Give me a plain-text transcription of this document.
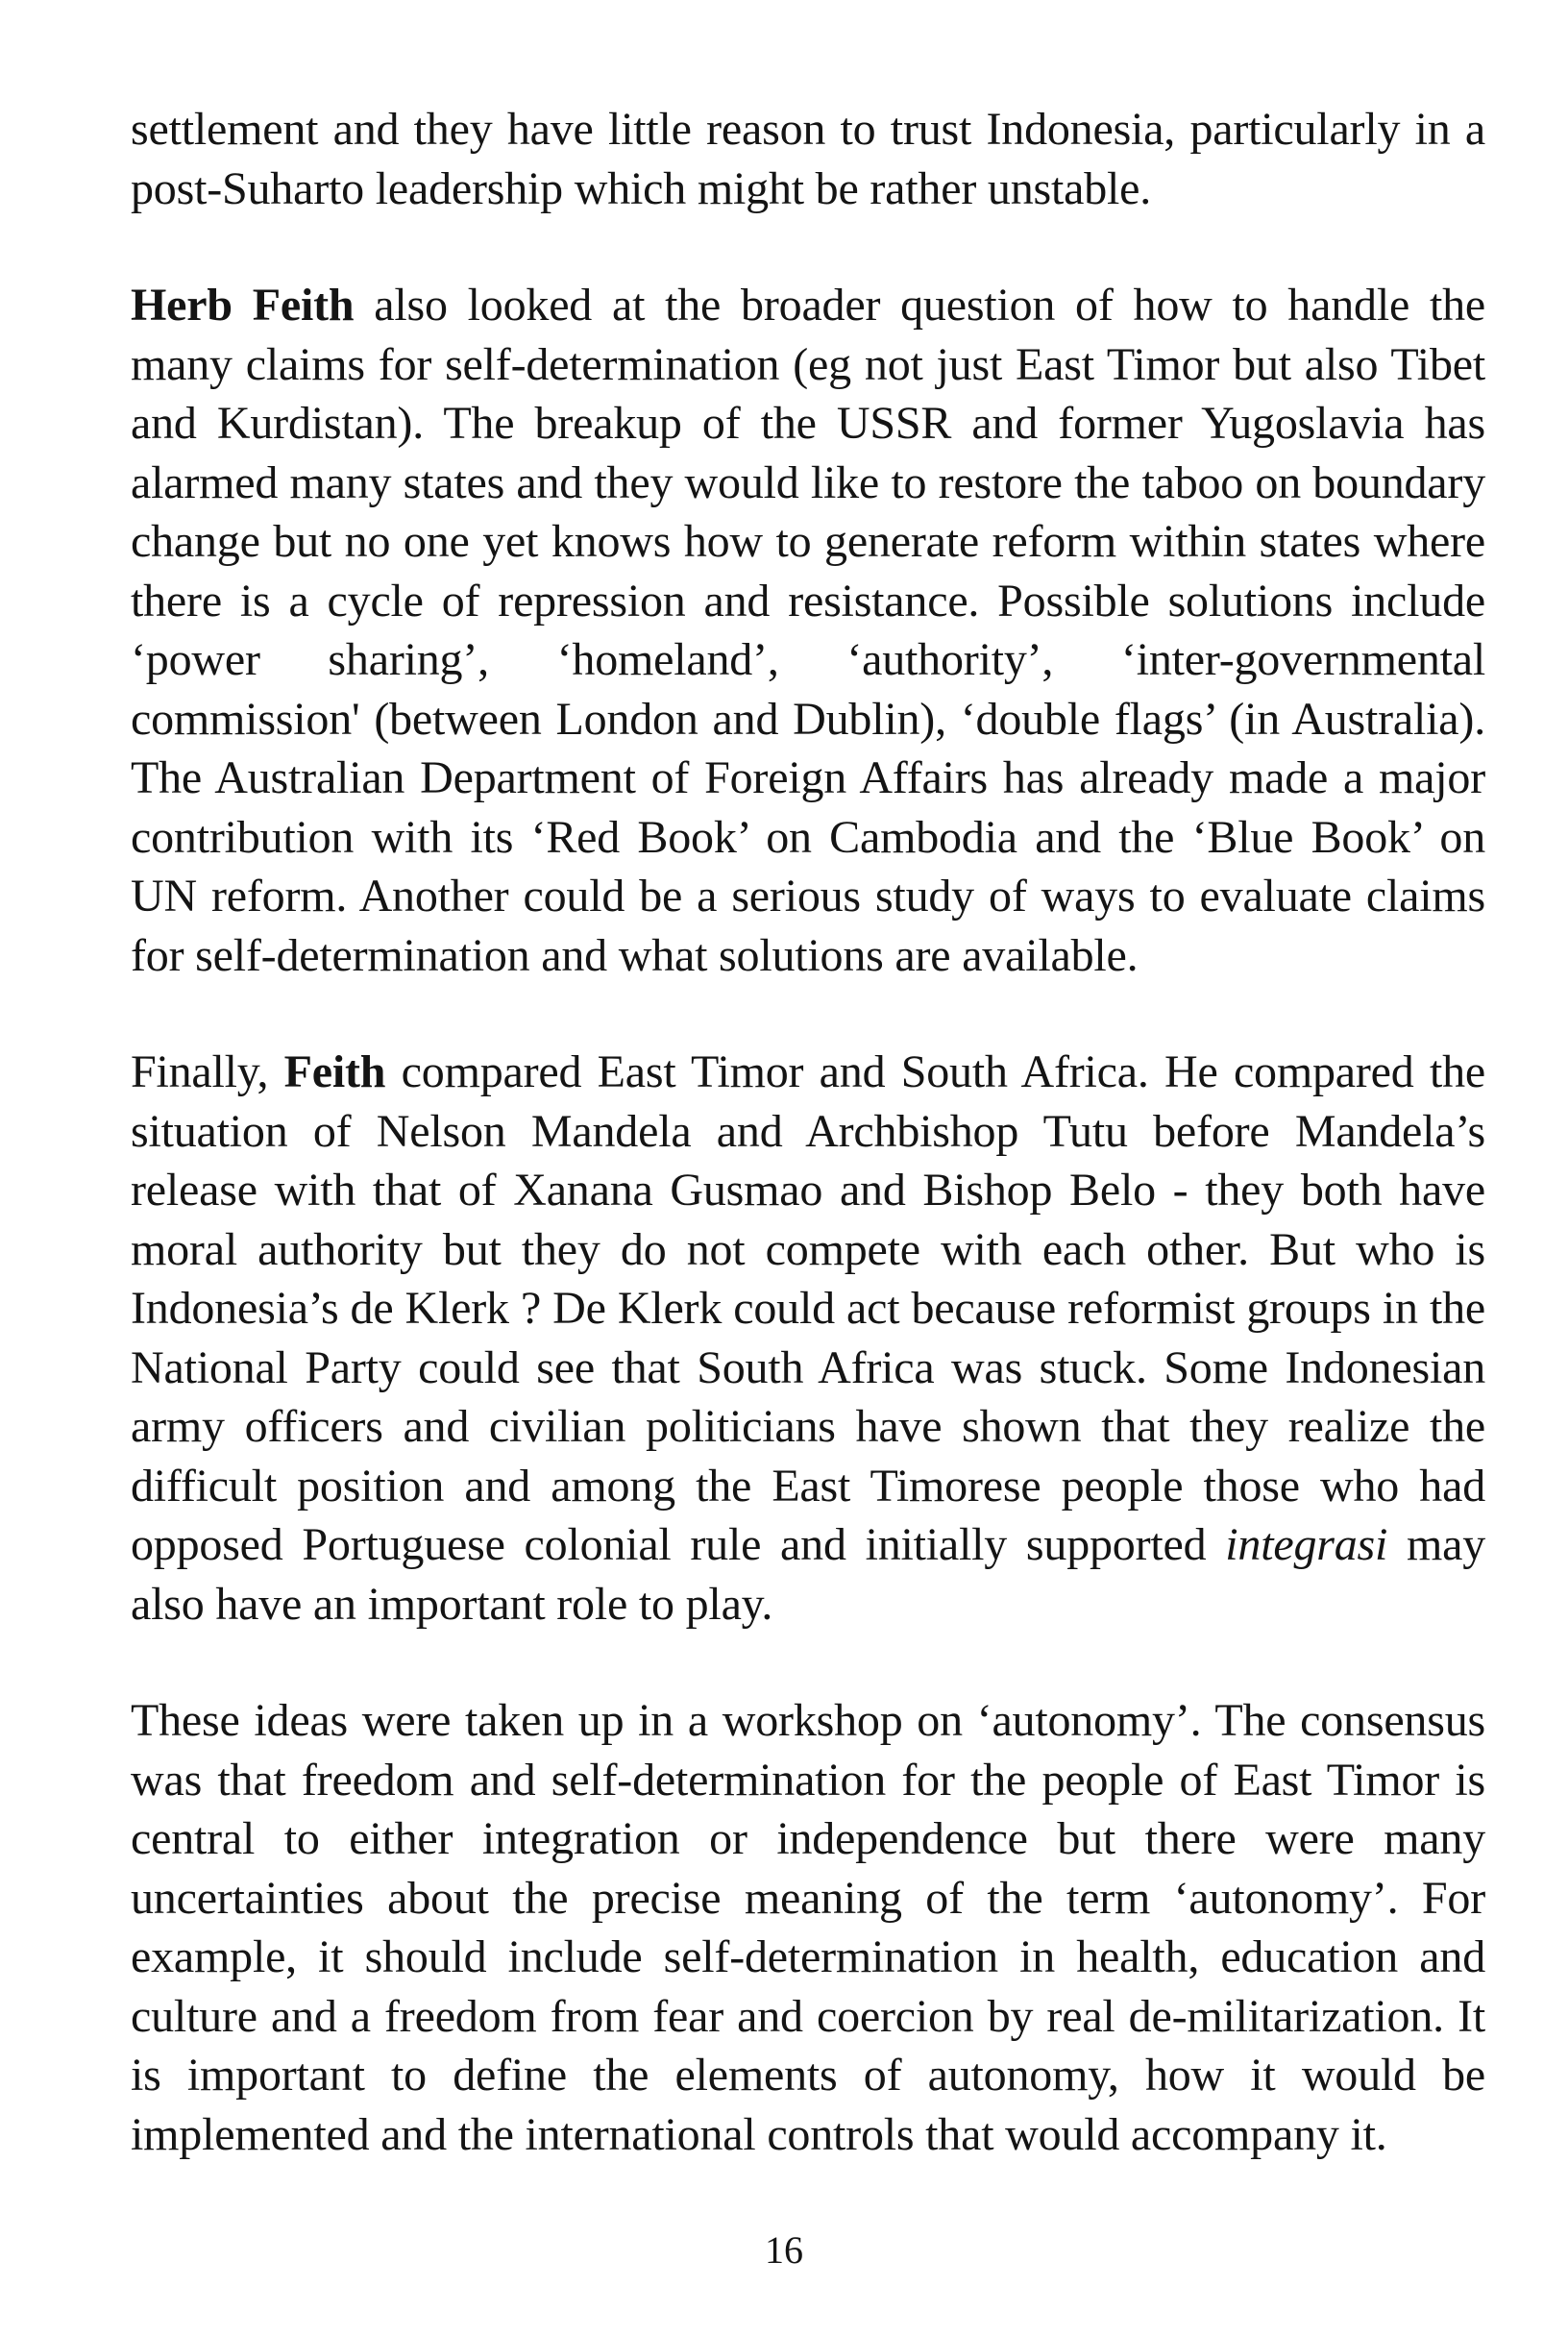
settlement and they have little reason to trust Indonesia, particularly in a post-Suharto leadership which might be rather unstable.

Herb Feith also looked at the broader question of how to handle the many claims for self-determination (eg not just East Timor but also Tibet and Kurdistan). The breakup of the USSR and former Yugoslavia has alarmed many states and they would like to restore the taboo on boundary change but no one yet knows how to generate reform within states where there is a cycle of repression and resistance. Possible solutions include ‘power sharing’, ‘homeland’, ‘authority’, ‘inter-governmental commission' (between London and Dublin), ‘double flags’ (in Australia). The Australian Department of Foreign Affairs has already made a major contribution with its ‘Red Book’ on Cambodia and the ‘Blue Book’ on UN reform. Another could be a serious study of ways to evaluate claims for self-determination and what solutions are available.

Finally, Feith compared East Timor and South Africa. He compared the situation of Nelson Mandela and Archbishop Tutu before Mandela’s release with that of Xanana Gusmao and Bishop Belo - they both have moral authority but they do not compete with each other. But who is Indonesia’s de Klerk ? De Klerk could act because reformist groups in the National Party could see that South Africa was stuck. Some Indonesian army officers and civilian politicians have shown that they realize the difficult position and among the East Timorese people those who had opposed Portuguese colonial rule and initially supported integrasi may also have an important role to play.

These ideas were taken up in a workshop on ‘autonomy’. The consensus was that freedom and self-determination for the people of East Timor is central to either integration or independence but there were many uncertainties about the precise meaning of the term ‘autonomy’. For example, it should include self-determination in health, education and culture and a freedom from fear and coercion by real de-militarization. It is important to define the elements of autonomy, how it would be implemented and the international controls that would accompany it.

16
